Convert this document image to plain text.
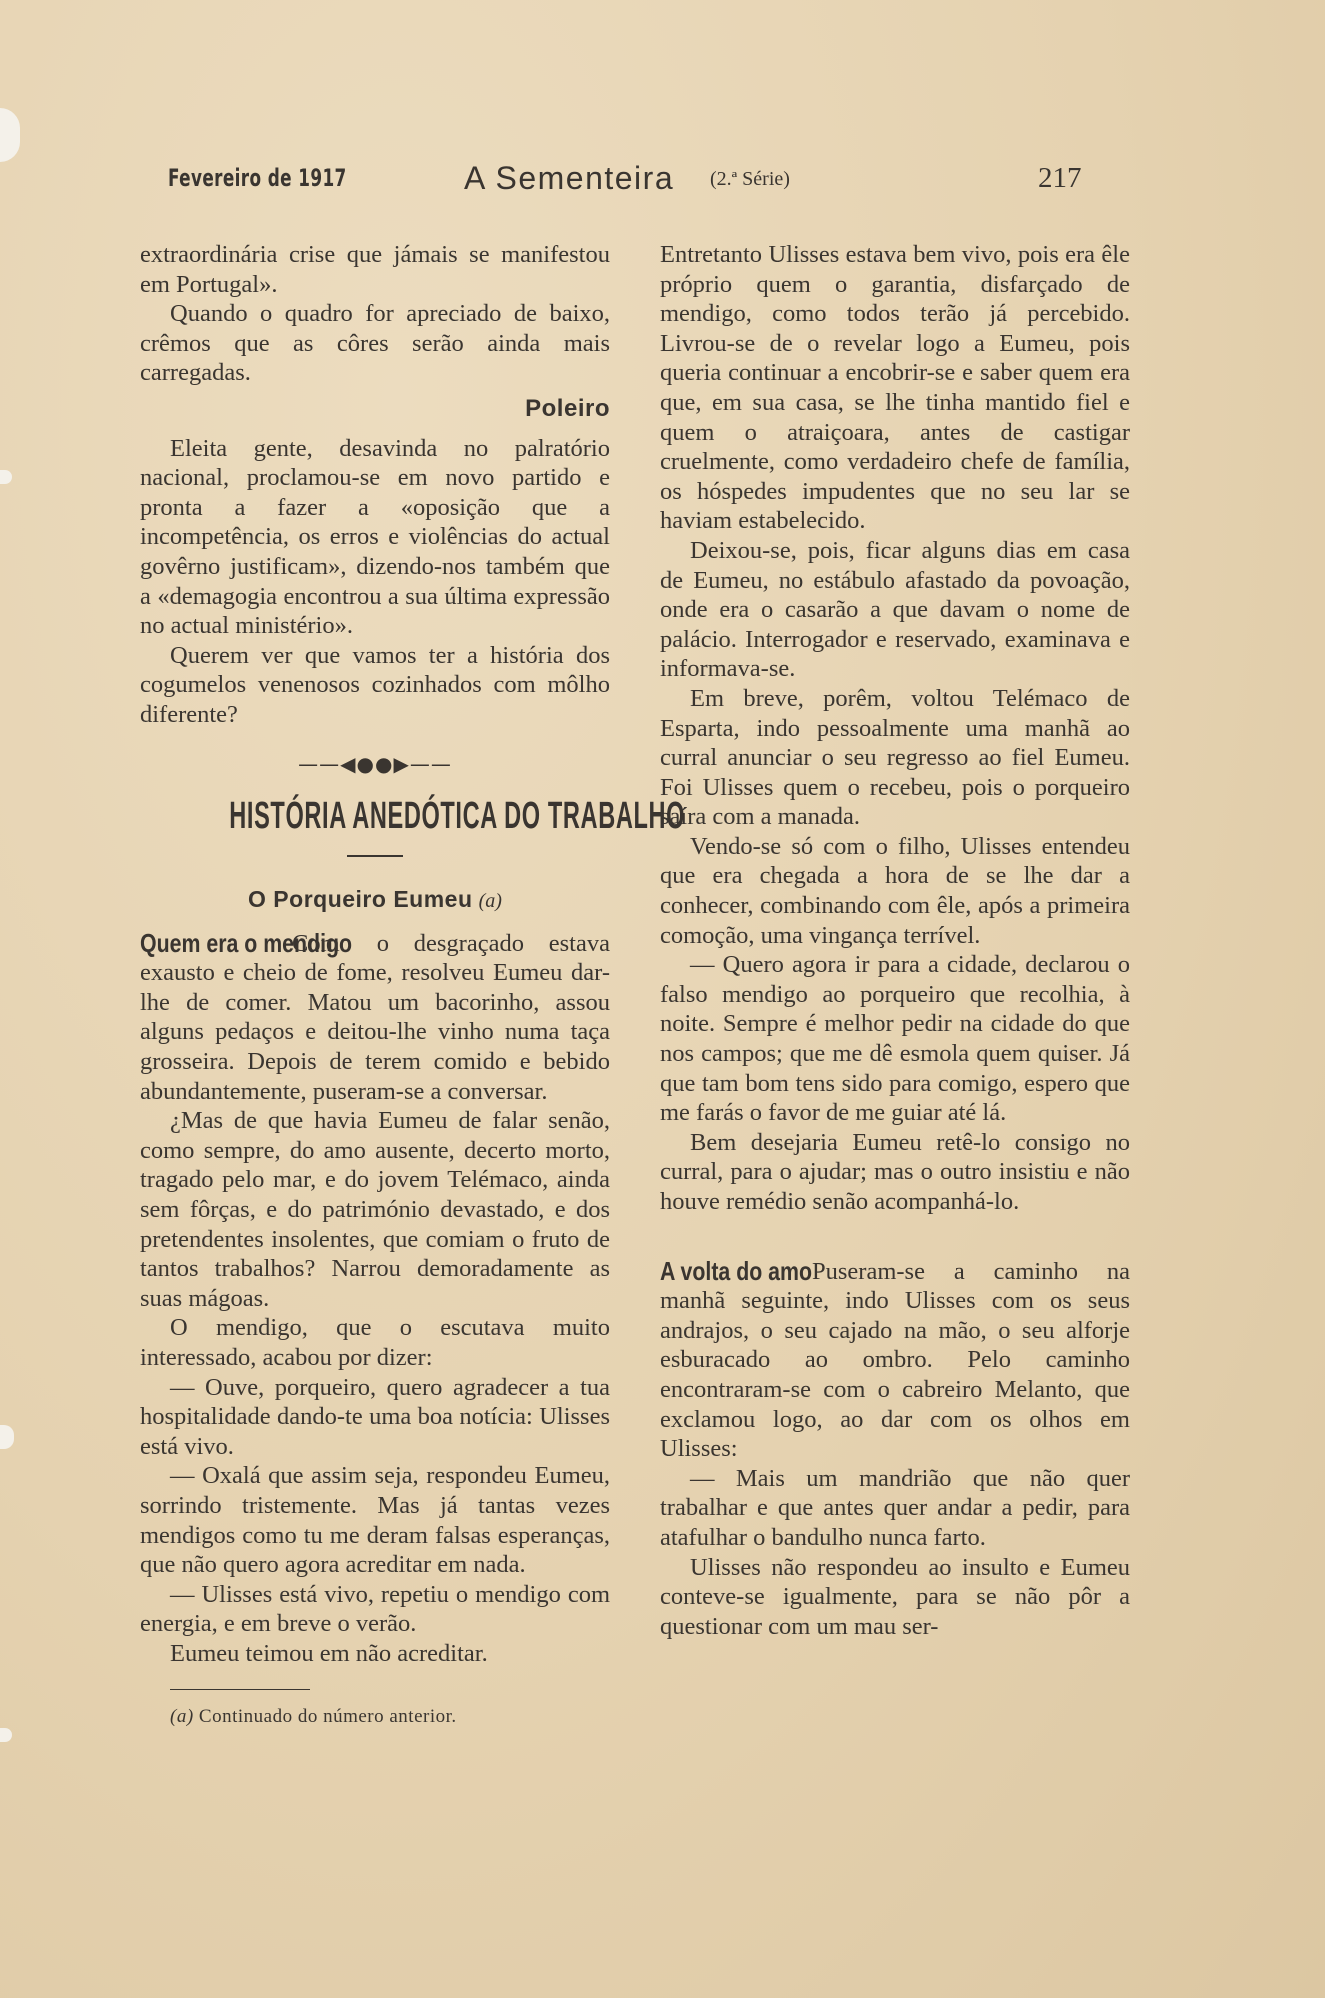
Fevereiro de 1917	A Sementeira (2.ª Série)	217

extraordinária crise que jámais se manifestou em Portugal».

Quando o quadro for apreciado de baixo, crêmos que as côres serão ainda mais carregadas.

Poleiro

Eleita gente, desavinda no palratório nacional, proclamou-se em novo partido e pronta a fazer a «oposição que a incompetência, os erros e violências do actual govêrno justificam», dizendo-nos também que a «demagogia encontrou a sua última expressão no actual ministério».

Querem ver que vamos ter a história dos cogumelos venenosos cozinhados com môlho diferente?

——◀●●▶——
HISTÓRIA ANEDÓTICA DO TRABALHO
O Porqueiro Eumeu (a)
Quem era o mendigo

Como o desgraçado estava exausto e cheio de fome, resolveu Eumeu dar-lhe de comer. Matou um bacorinho, assou alguns pedaços e deitou-lhe vinho numa taça grosseira. Depois de terem comido e bebido abundantemente, puseram-se a conversar.

¿Mas de que havia Eumeu de falar senão, como sempre, do amo ausente, decerto morto, tragado pelo mar, e do jovem Telémaco, ainda sem fôrças, e do património devastado, e dos pretendentes insolentes, que comiam o fruto de tantos trabalhos? Narrou demoradamente as suas mágoas.

O mendigo, que o escutava muito interessado, acabou por dizer:

— Ouve, porqueiro, quero agradecer a tua hospitalidade dando-te uma boa notícia: Ulisses está vivo.

— Oxalá que assim seja, respondeu Eumeu, sorrindo tristemente. Mas já tantas vezes mendigos como tu me deram falsas esperanças, que não quero agora acreditar em nada.

— Ulisses está vivo, repetiu o mendigo com energia, e em breve o verão.

Eumeu teimou em não acreditar.

(a) Continuado do número anterior.

Entretanto Ulisses estava bem vivo, pois era êle próprio quem o garantia, disfarçado de mendigo, como todos terão já percebido. Livrou-se de o revelar logo a Eumeu, pois queria continuar a encobrir-se e saber quem era que, em sua casa, se lhe tinha mantido fiel e quem o atraiçoara, antes de castigar cruelmente, como verdadeiro chefe de família, os hóspedes impudentes que no seu lar se haviam estabelecido.

Deixou-se, pois, ficar alguns dias em casa de Eumeu, no estábulo afastado da povoação, onde era o casarão a que davam o nome de palácio. Interrogador e reservado, examinava e informava-se.

Em breve, porêm, voltou Telémaco de Esparta, indo pessoalmente uma manhã ao curral anunciar o seu regresso ao fiel Eumeu. Foi Ulisses quem o recebeu, pois o porqueiro saíra com a manada.

Vendo-se só com o filho, Ulisses entendeu que era chegada a hora de se lhe dar a conhecer, combinando com êle, após a primeira comoção, uma vingança terrível.

— Quero agora ir para a cidade, declarou o falso mendigo ao porqueiro que recolhia, à noite. Sempre é melhor pedir na cidade do que nos campos; que me dê esmola quem quiser. Já que tam bom tens sido para comigo, espero que me farás o favor de me guiar até lá.

Bem desejaria Eumeu retê-lo consigo no curral, para o ajudar; mas o outro insistiu e não houve remédio senão acompanhá-lo.

A volta do amo Puseram-se a caminho na manhã seguinte, indo Ulisses com os seus andrajos, o seu cajado na mão, o seu alforje esburacado ao ombro. Pelo caminho encontraram-se com o cabreiro Melanto, que exclamou logo, ao dar com os olhos em Ulisses:

— Mais um mandrião que não quer trabalhar e que antes quer andar a pedir, para atafulhar o bandulho nunca farto.

Ulisses não respondeu ao insulto e Eumeu conteve-se igualmente, para se não pôr a questionar com um mau ser-
